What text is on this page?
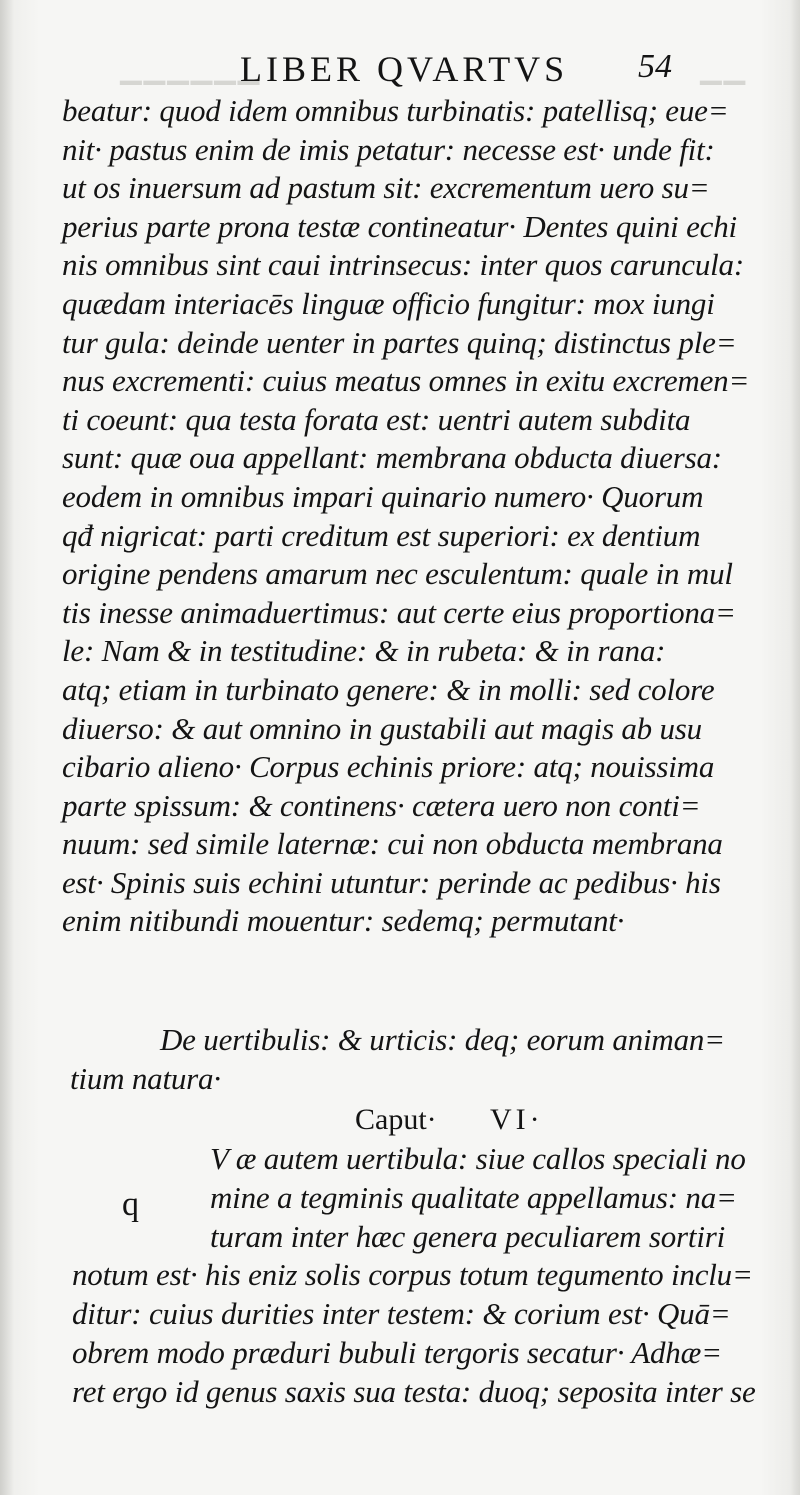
▁▁▁▁▁▁	▁▁
LIBER QVARTVS 54
beatur: quod idem omnibus turbinatis: patellisq; eue=
nit· pastus enim de imis petatur: necesse est· unde fit:
ut os inuersum ad pastum sit: excrementum uero su=
perius parte prona testæ contineatur· Dentes quini echi
nis omnibus sint caui intrinsecus: inter quos caruncula:
quædam interiacēs linguæ officio fungitur: mox iungi
tur gula: deinde uenter in partes quinq; distinctus ple=
nus excrementi: cuius meatus omnes in exitu excremen=
ti coeunt: qua testa forata est: uentri autem subdita
sunt: quæ oua appellant: membrana obducta diuersa:
eodem in omnibus impari quinario numero· Quorum
qđ nigricat: parti creditum est superiori: ex dentium
origine pendens amarum nec esculentum: quale in mul
tis inesse animaduertimus: aut certe eius proportiona=
le: Nam & in testitudine: & in rubeta: & in rana:
atq; etiam in turbinato genere: & in molli: sed colore
diuerso: & aut omnino in gustabili aut magis ab usu
cibario alieno· Corpus echinis priore: atq; nouissima
parte spissum: & continens· cætera uero non conti=
nuum: sed simile laternæ: cui non obducta membrana
est· Spinis suis echini utuntur: perinde ac pedibus· his
enim nitibundi mouentur: sedemq; permutant·
De uertibulis: & urticis: deq; eorum animan=
tium natura·
Caput· VI·
q
V æ autem uertibula: siue callos speciali no
mine a tegminis qualitate appellamus: na=
turam inter hæc genera peculiarem sortiri
notum est· his eniz solis corpus totum tegumento inclu=
ditur: cuius durities inter testem: & corium est· Quā=
obrem modo præduri bubuli tergoris secatur· Adhæ=
ret ergo id genus saxis sua testa: duoq; seposita inter se
